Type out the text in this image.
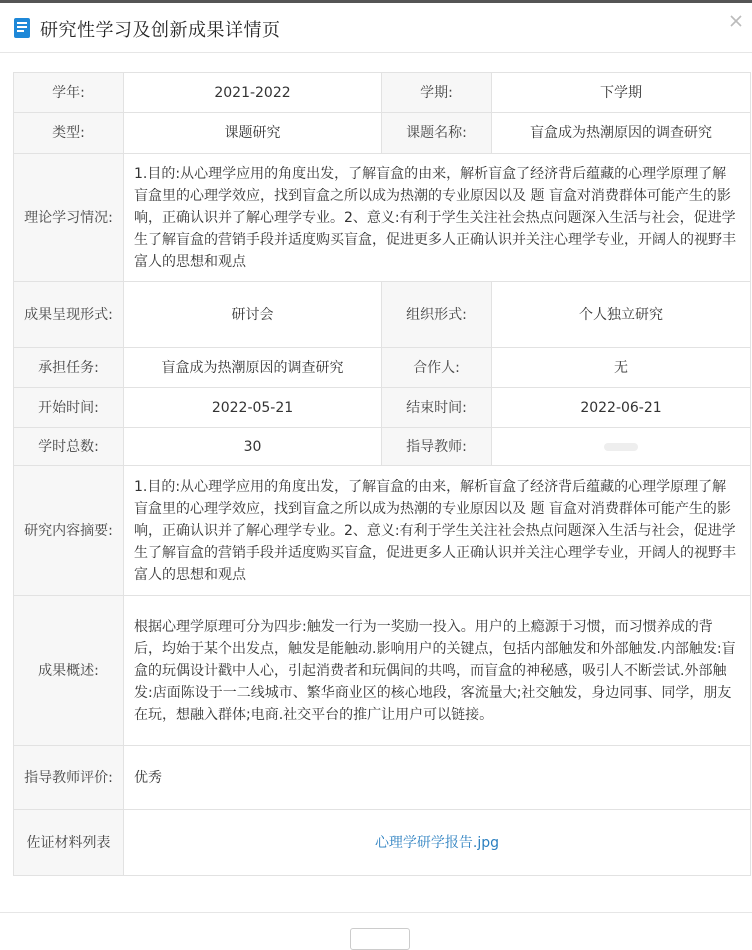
研究性学习及创新成果详情页
学年:	2021-2022	学期:	下学期
类型:	课题研究	课题名称:	盲盒成为热潮原因的调查研究
理论学习情况:	1.目的:从心理学应用的角度出发，了解盲盒的由来，解析盲盒了经济背后蕴藏的心理学原理了解盲盒里的心理学效应，找到盲盒之所以成为热潮的专业原因以及 题 盲盒对消费群体可能产生的影响，正确认识并了解心理学专业。2、意义:有利于学生关注社会热点问题深入生活与社会，促进学生了解盲盒的营销手段并适度购买盲盒，促进更多人正确认识并关注心理学专业，开阔人的视野丰富人的思想和观点		
成果呈现形式:	研讨会	组织形式:	个人独立研究
承担任务:	盲盒成为热潮原因的调查研究	合作人:	无
开始时间:	2022-05-21	结束时间:	2022-06-21
学时总数:	30	指导教师:	
研究内容摘要:	1.目的:从心理学应用的角度出发，了解盲盒的由来，解析盲盒了经济背后蕴藏的心理学原理了解盲盒里的心理学效应，找到盲盒之所以成为热潮的专业原因以及 题 盲盒对消费群体可能产生的影响，正确认识并了解心理学专业。2、意义:有利于学生关注社会热点问题深入生活与社会，促进学生了解盲盒的营销手段并适度购买盲盒，促进更多人正确认识并关注心理学专业，开阔人的视野丰富人的思想和观点		
成果概述:	根据心理学原理可分为四步:触发一行为一奖励一投入。用户的上瘾源于习惯，而习惯养成的背后，均始于某个出发点，触发是能触动.影响用户的关键点，包括内部触发和外部触发.内部触发:盲盒的玩偶设计戳中人心，引起消费者和玩偶间的共鸣，而盲盒的神秘感，吸引人不断尝试.外部触发:店面陈设于一二线城市、繁华商业区的核心地段，客流量大;社交触发，身边同事、同学，朋友在玩，想融入群体;电商.社交平台的推广让用户可以链接。		
指导教师评价:	优秀		
佐证材料列表	心理学研学报告.jpg		
